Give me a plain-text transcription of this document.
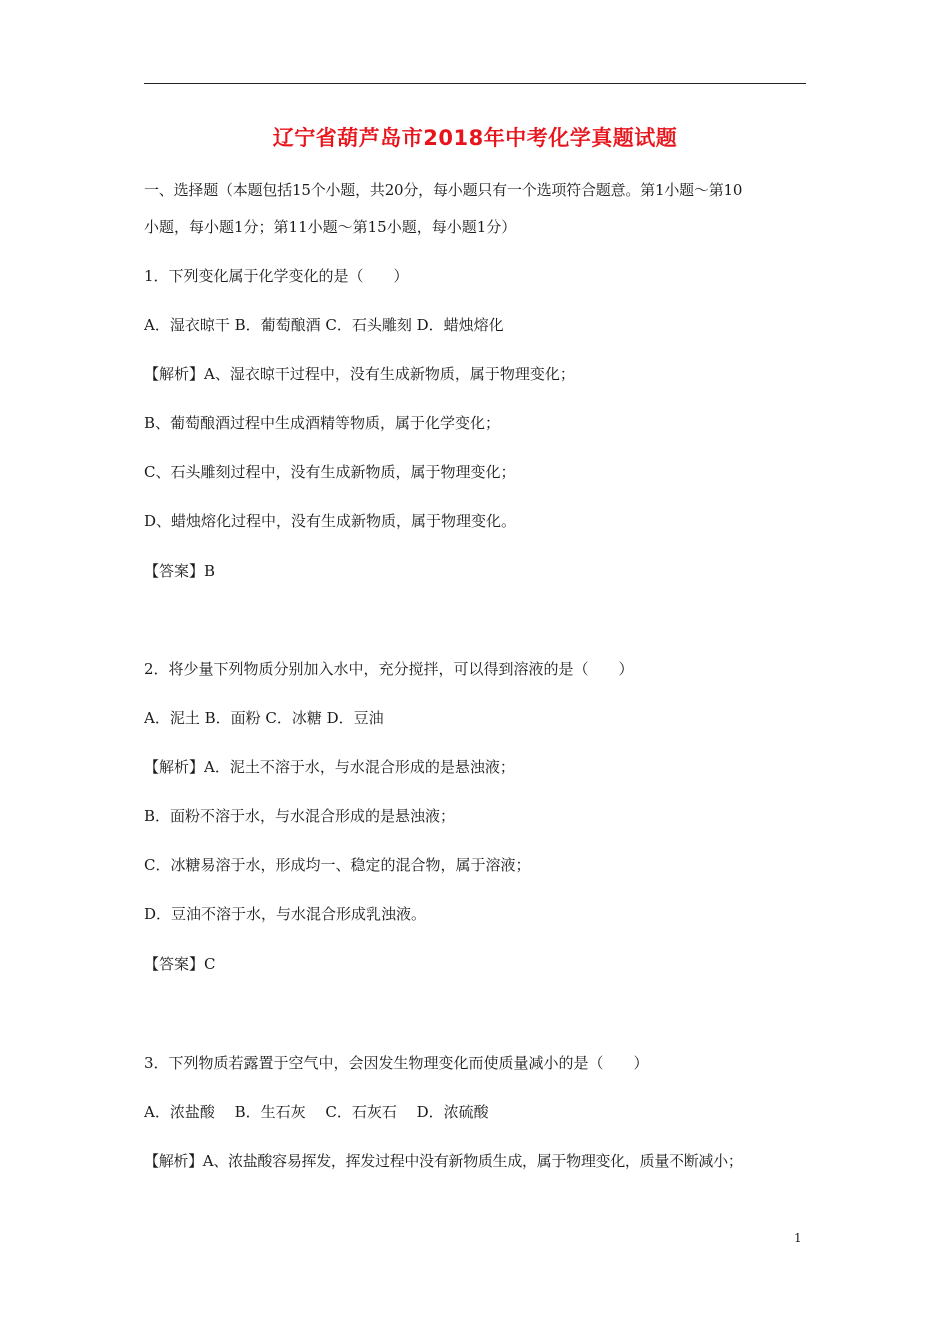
辽宁省葫芦岛市2018年中考化学真题试题
一、选择题（本题包括15个小题，共20分，每小题只有一个选项符合题意。第1小题～第10
小题，每小题1分；第11小题～第15小题，每小题1分）
1．下列变化属于化学变化的是（　　）
A．湿衣晾干 B．葡萄酿酒 C．石头雕刻 D．蜡烛熔化
【解析】A、湿衣晾干过程中，没有生成新物质，属于物理变化；
B、葡萄酿酒过程中生成酒精等物质，属于化学变化；
C、石头雕刻过程中，没有生成新物质，属于物理变化；
D、蜡烛熔化过程中，没有生成新物质，属于物理变化。
【答案】B
2．将少量下列物质分别加入水中，充分搅拌，可以得到溶液的是（　　）
A．泥土 B．面粉 C．冰糖 D．豆油
【解析】A．泥土不溶于水，与水混合形成的是悬浊液；
B．面粉不溶于水，与水混合形成的是悬浊液；
C．冰糖易溶于水，形成均一、稳定的混合物，属于溶液；
D．豆油不溶于水，与水混合形成乳浊液。
【答案】C
3．下列物质若露置于空气中，会因发生物理变化而使质量减小的是（　　）
A．浓盐酸　 B．生石灰　 C．石灰石　 D．浓硫酸
【解析】A、浓盐酸容易挥发，挥发过程中没有新物质生成，属于物理变化，质量不断减小；
1
